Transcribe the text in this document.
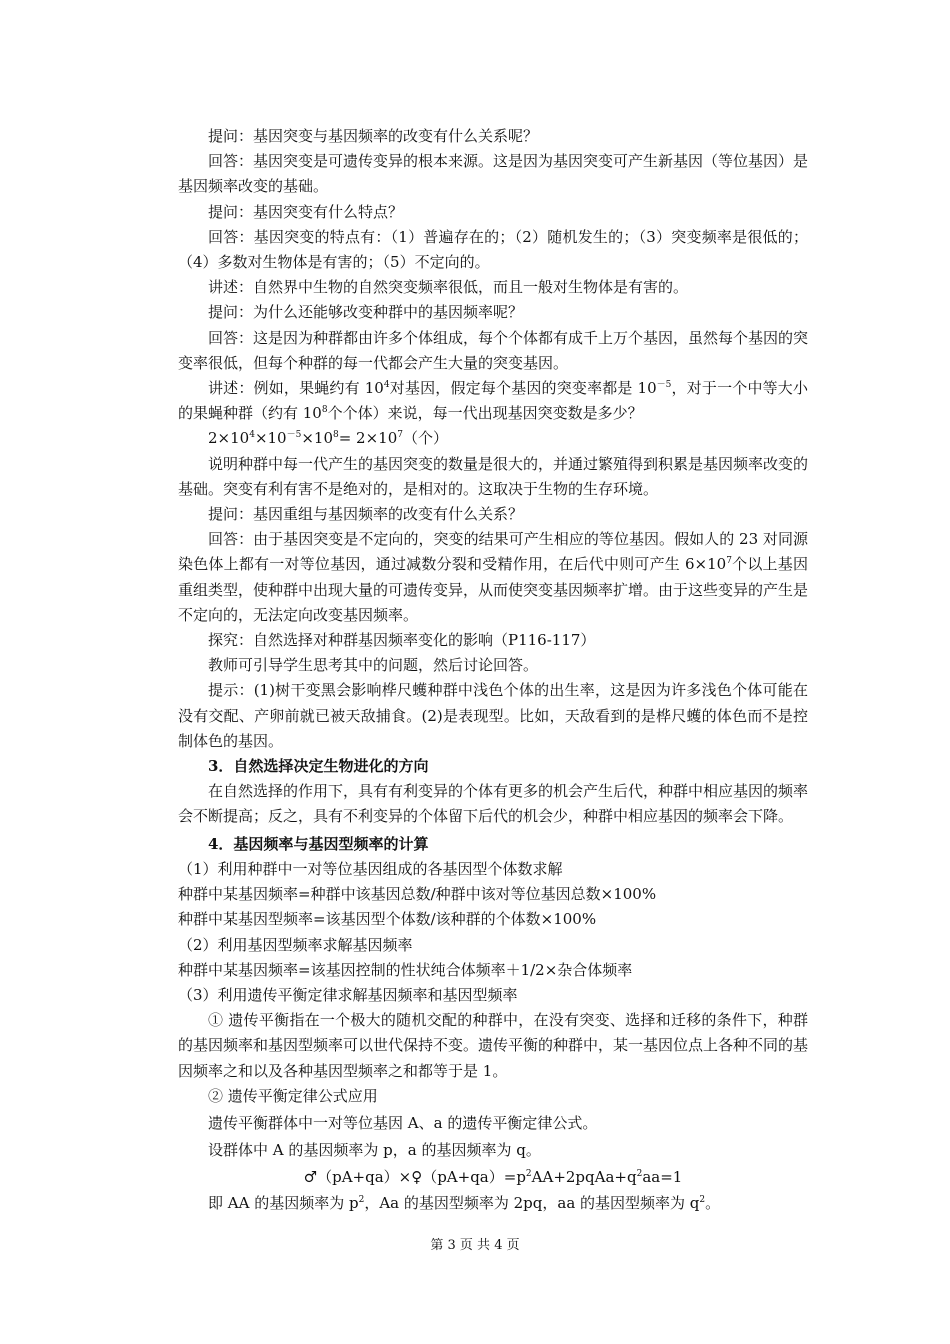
提问：基因突变与基因频率的改变有什么关系呢？

回答：基因突变是可遗传变异的根本来源。这是因为基因突变可产生新基因（等位基因）是基因频率改变的基础。

提问：基因突变有什么特点？

回答：基因突变的特点有：（1）普遍存在的；（2）随机发生的；（3）突变频率是很低的；（4）多数对生物体是有害的；（5）不定向的。

讲述：自然界中生物的自然突变频率很低，而且一般对生物体是有害的。

提问：为什么还能够改变种群中的基因频率呢？

回答：这是因为种群都由许多个体组成，每个个体都有成千上万个基因，虽然每个基因的突变率很低，但每个种群的每一代都会产生大量的突变基因。

讲述：例如，果蝇约有 $10^4$对基因，假定每个基因的突变率都是 $10^{-5}$，对于一个中等大小的果蝇种群（约有 $10^8$个个体）来说，每一代出现基因突变数是多少？

$2\times 10^4\times 10^{-5}\times 10^8= 2\times 10^7$（个）

说明种群中每一代产生的基因突变的数量是很大的，并通过繁殖得到积累是基因频率改变的基础。突变有利有害不是绝对的，是相对的。这取决于生物的生存环境。

提问：基因重组与基因频率的改变有什么关系？

回答：由于基因突变是不定向的，突变的结果可产生相应的等位基因。假如人的 23 对同源染色体上都有一对等位基因，通过减数分裂和受精作用，在后代中则可产生 $6\times 10^7$个以上基因重组类型，使种群中出现大量的可遗传变异，从而使突变基因频率扩增。由于这些变异的产生是不定向的，无法定向改变基因频率。

探究：自然选择对种群基因频率变化的影响（P116-117）

教师可引导学生思考其中的问题，然后讨论回答。

提示：(1)树干变黑会影响桦尺蠖种群中浅色个体的出生率，这是因为许多浅色个体可能在没有交配、产卵前就已被天敌捕食。(2)是表现型。比如，天敌看到的是桦尺蠖的体色而不是控制体色的基因。

3．自然选择决定生物进化的方向

在自然选择的作用下，具有有利变异的个体有更多的机会产生后代，种群中相应基因的频率会不断提高；反之，具有不利变异的个体留下后代的机会少，种群中相应基因的频率会下降。

4．基因频率与基因型频率的计算

（1）利用种群中一对等位基因组成的各基因型个体数求解

种群中某基因频率=种群中该基因总数/种群中该对等位基因总数×100%

种群中某基因型频率=该基因型个体数/该种群的个体数×100%

（2）利用基因型频率求解基因频率

种群中某基因频率=该基因控制的性状纯合体频率＋1/2×杂合体频率

（3）利用遗传平衡定律求解基因频率和基因型频率

① 遗传平衡指在一个极大的随机交配的种群中，在没有突变、选择和迁移的条件下，种群的基因频率和基因型频率可以世代保持不变。遗传平衡的种群中，某一基因位点上各种不同的基因频率之和以及各种基因型频率之和都等于是 1。

② 遗传平衡定律公式应用

遗传平衡群体中一对等位基因 A、a 的遗传平衡定律公式。

设群体中 A 的基因频率为 p，a 的基因频率为 q。

$♂(pA+qa)\times♀(pA+qa)=p^2AA+2pqAa+q^2aa=1$

即 AA 的基因频率为 $p^2$，Aa 的基因型频率为 2pq，aa 的基因型频率为 $q^2$。

第 3 页 共 4 页
